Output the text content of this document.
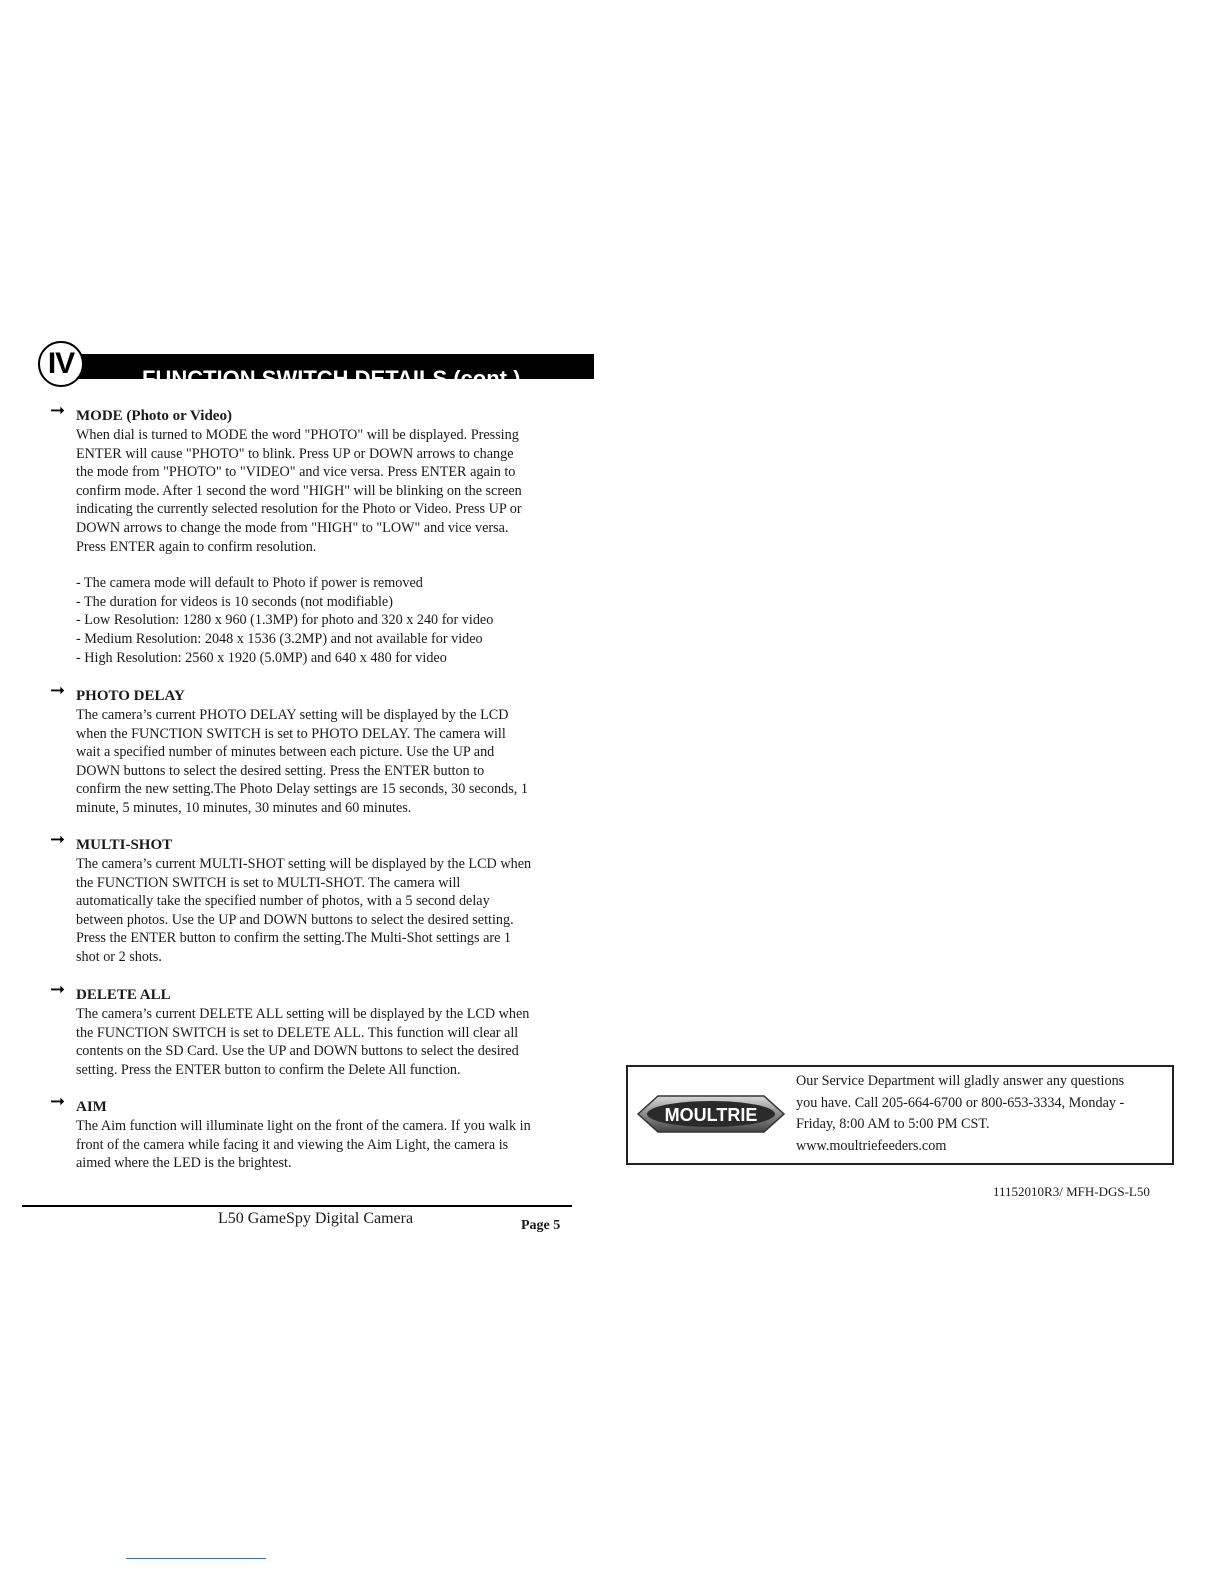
FUNCTION SWITCH DETAILS (cont.)
IV
➞ MODE (Photo or Video)
When dial is turned to MODE the word "PHOTO" will be displayed. Pressing
ENTER will cause "PHOTO" to blink. Press UP or DOWN arrows to change
the mode from "PHOTO" to "VIDEO" and vice versa. Press ENTER again to
confirm mode. After 1 second the word "HIGH" will be blinking on the screen
indicating the currently selected resolution for the Photo or Video. Press UP or
DOWN arrows to change the mode from "HIGH" to "LOW" and vice versa.
Press ENTER again to confirm resolution.
- The camera mode will default to Photo if power is removed
- The duration for videos is 10 seconds (not modifiable)
- Low Resolution: 1280 x 960 (1.3MP) for photo and 320 x 240 for video
- Medium Resolution: 2048 x 1536 (3.2MP) and not available for video
- High Resolution: 2560 x 1920 (5.0MP) and 640 x 480 for video
➞ PHOTO DELAY
The camera’s current PHOTO DELAY setting will be displayed by the LCD
when the FUNCTION SWITCH is set to PHOTO DELAY. The camera will
wait a specified number of minutes between each picture. Use the UP and
DOWN buttons to select the desired setting. Press the ENTER button to
confirm the new setting.The Photo Delay settings are 15 seconds, 30 seconds, 1
minute, 5 minutes, 10 minutes, 30 minutes and 60 minutes.
➞ MULTI-SHOT
The camera’s current MULTI-SHOT setting will be displayed by the LCD when
the FUNCTION SWITCH is set to MULTI-SHOT. The camera will
automatically take the specified number of photos, with a 5 second delay
between photos. Use the UP and DOWN buttons to select the desired setting.
Press the ENTER button to confirm the setting.The Multi-Shot settings are 1
shot or 2 shots.
➞ DELETE ALL
The camera’s current DELETE ALL setting will be displayed by the LCD when
the FUNCTION SWITCH is set to DELETE ALL. This function will clear all
contents on the SD Card. Use the UP and DOWN buttons to select the desired
setting. Press the ENTER button to confirm the Delete All function.
➞ AIM
The Aim function will illuminate light on the front of the camera. If you walk in
front of the camera while facing it and viewing the Aim Light, the camera is
aimed where the LED is the brightest.
L50 GameSpy Digital Camera	Page 5
MOULTRIE
Our Service Department will gladly answer any questions
you have. Call 205-664-6700 or 800-653-3334, Monday -
Friday, 8:00 AM to 5:00 PM CST.
www.moultriefeeders.com
11152010R3/ MFH-DGS-L50
